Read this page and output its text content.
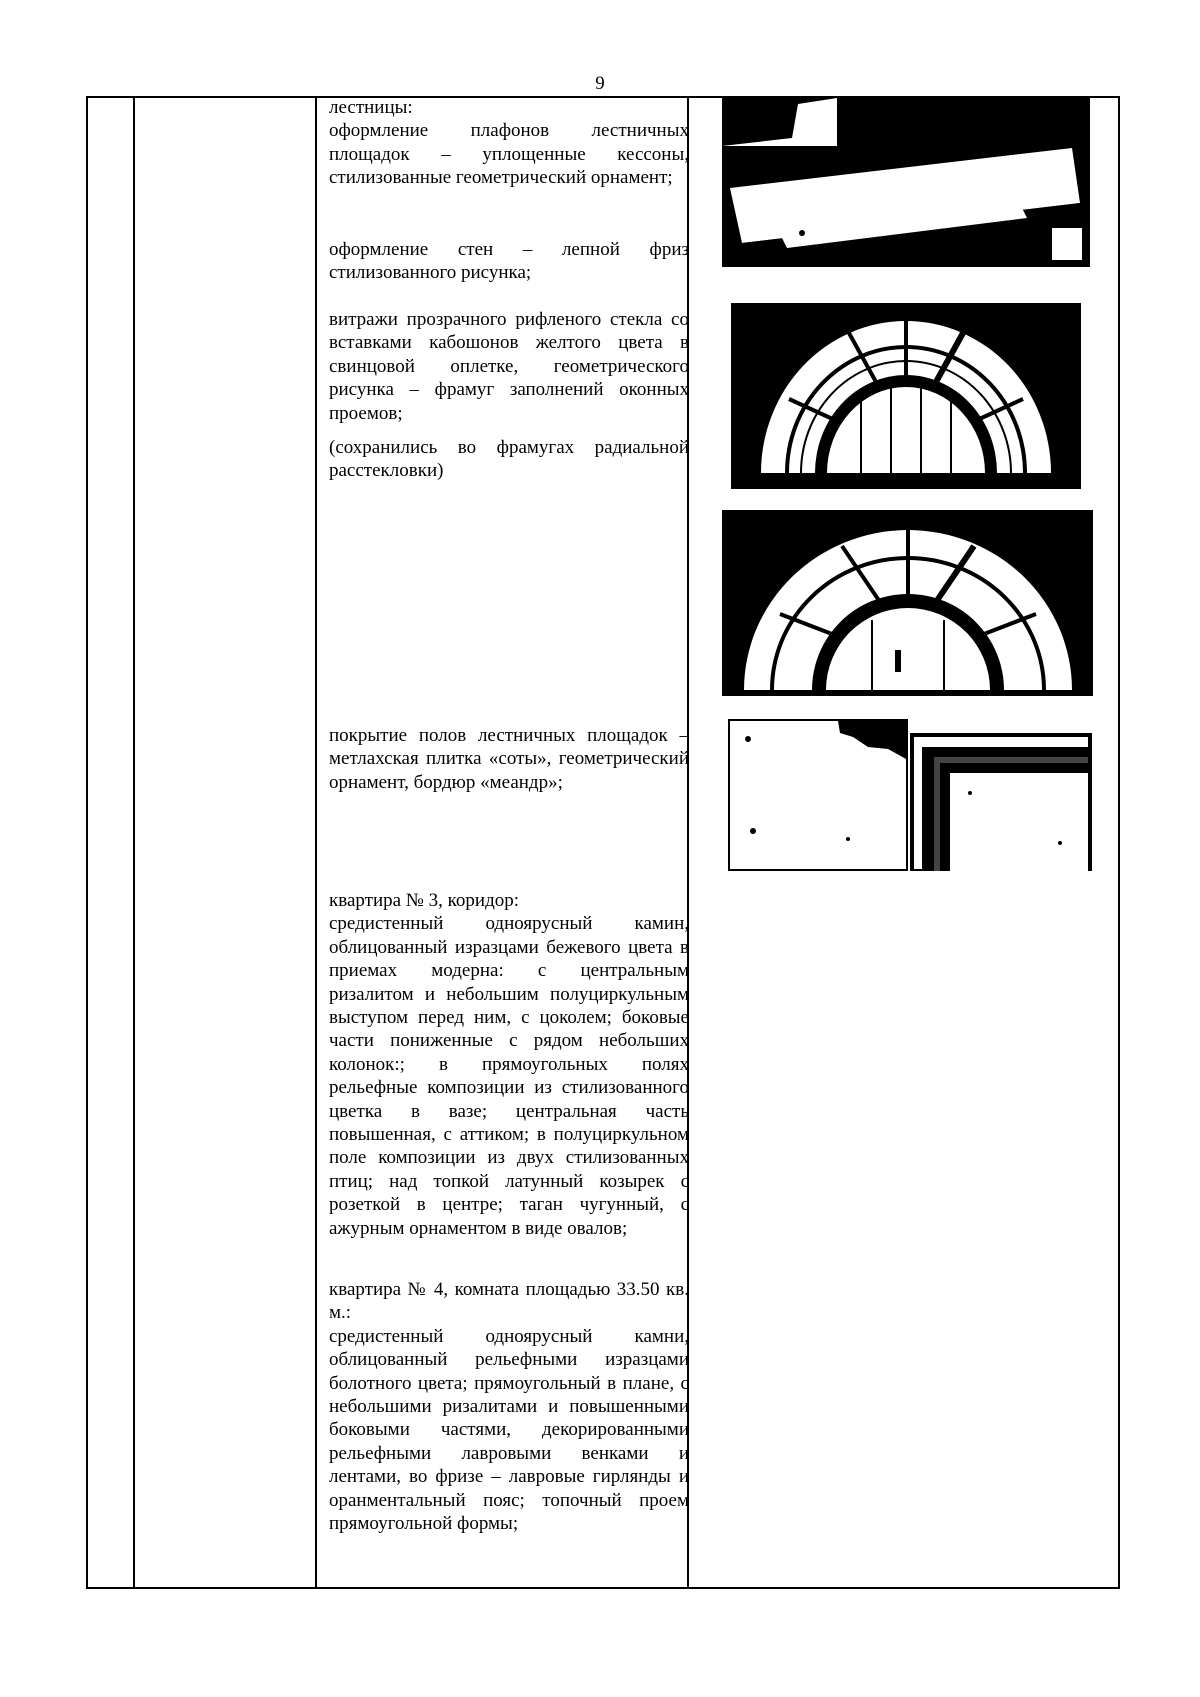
9

лестницы:

оформление плафонов лестничных площадок – уплощенные кессоны, стилизованные геометрический орнамент;

оформление стен – лепной фриз стилизованного рисунка;

витражи прозрачного рифленого стекла со вставками кабошонов желтого цвета в свинцовой оплетке, геометрического рисунка – фрамуг заполнений оконных проемов;

(сохранились во фрамугах радиальной расстекловки)

покрытие полов лестничных площадок – метлахская плитка «соты», геометрический орнамент, бордюр «меандр»;

квартира № 3, коридор:

средистенный одноярусный камин, облицованный изразцами бежевого цвета в приемах модерна: с центральным ризалитом и небольшим полуциркульным выступом перед ним, с цоколем; боковые части пониженные с рядом небольших колонок:; в прямоугольных полях рельефные композиции из стилизованного цветка в вазе; центральная часть повышенная, с аттиком; в полуциркульном поле композиции из двух стилизованных птиц; над топкой латунный козырек с розеткой в центре; таган чугунный, с ажурным орнаментом в виде овалов;

квартира № 4, комната площадью 33.50 кв. м.:

средистенный одноярусный камни, облицованный рельефными изразцами болотного цвета; прямоугольный в плане, с небольшими ризалитами и повышенными боковыми частями, декорированными рельефными лавровыми венками и лентами, во фризе – лавровые гирлянды и оранментальный пояс; топочный проем прямоугольной формы;
